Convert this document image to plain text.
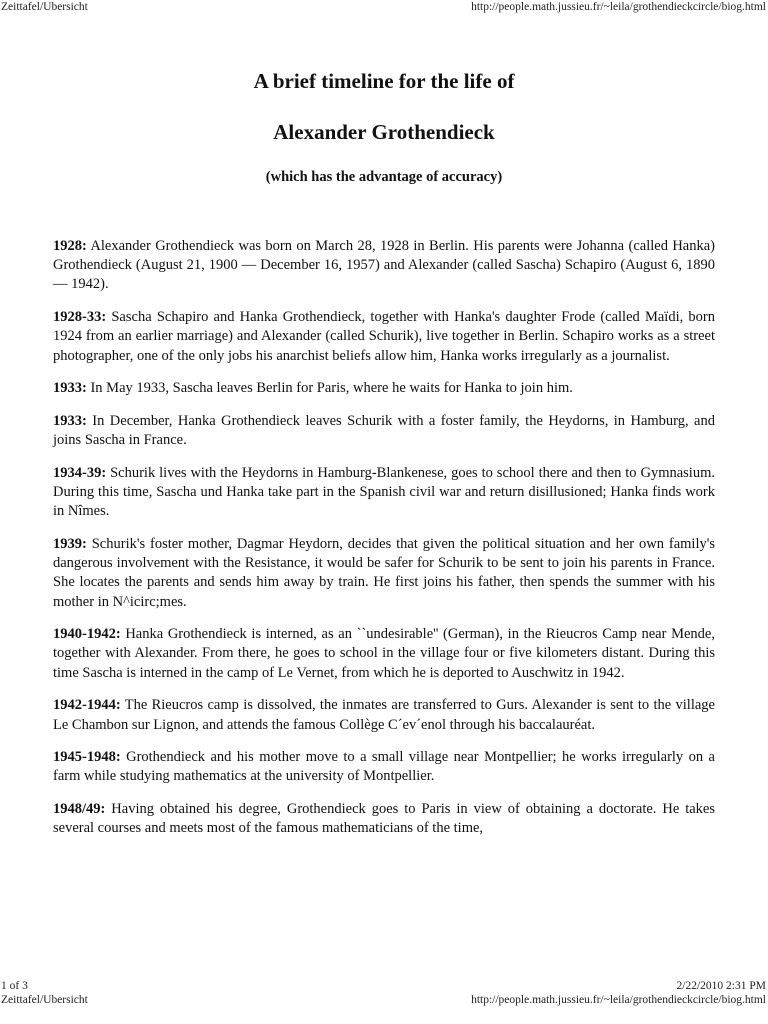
Zeittafel/Ubersicht	http://people.math.jussieu.fr/~leila/grothendieckcircle/biog.html
A brief timeline for the life of
Alexander Grothendieck
(which has the advantage of accuracy)

1928: Alexander Grothendieck was born on March 28, 1928 in Berlin. His parents were Johanna (called Hanka) Grothendieck (August 21, 1900 — December 16, 1957) and Alexander (called Sascha) Schapiro (August 6, 1890 — 1942).

1928-33: Sascha Schapiro and Hanka Grothendieck, together with Hanka's daughter Frode (called Maïdi, born 1924 from an earlier marriage) and Alexander (called Schurik), live together in Berlin. Schapiro works as a street photographer, one of the only jobs his anarchist beliefs allow him, Hanka works irregularly as a journalist.

1933: In May 1933, Sascha leaves Berlin for Paris, where he waits for Hanka to join him.

1933: In December, Hanka Grothendieck leaves Schurik with a foster family, the Heydorns, in Hamburg, and joins Sascha in France.

1934-39: Schurik lives with the Heydorns in Hamburg-Blankenese, goes to school there and then to Gymnasium. During this time, Sascha und Hanka take part in the Spanish civil war and return disillusioned; Hanka finds work in Nîmes.

1939: Schurik's foster mother, Dagmar Heydorn, decides that given the political situation and her own family's dangerous involvement with the Resistance, it would be safer for Schurik to be sent to join his parents in France. She locates the parents and sends him away by train. He first joins his father, then spends the summer with his mother in N^icirc;mes.

1940-1942: Hanka Grothendieck is interned, as an ``undesirable'' (German), in the Rieucros Camp near Mende, together with Alexander. From there, he goes to school in the village four or five kilometers distant. During this time Sascha is interned in the camp of Le Vernet, from which he is deported to Auschwitz in 1942.

1942-1944: The Rieucros camp is dissolved, the inmates are transferred to Gurs. Alexander is sent to the village Le Chambon sur Lignon, and attends the famous Collège C´ev´enol through his baccalauréat.

1945-1948: Grothendieck and his mother move to a small village near Montpellier; he works irregularly on a farm while studying mathematics at the university of Montpellier.

1948/49: Having obtained his degree, Grothendieck goes to Paris in view of obtaining a doctorate. He takes several courses and meets most of the famous mathematicians of the time,

1 of 3	2/22/2010 2:31 PM
Zeittafel/Ubersicht	http://people.math.jussieu.fr/~leila/grothendieckcircle/biog.html
